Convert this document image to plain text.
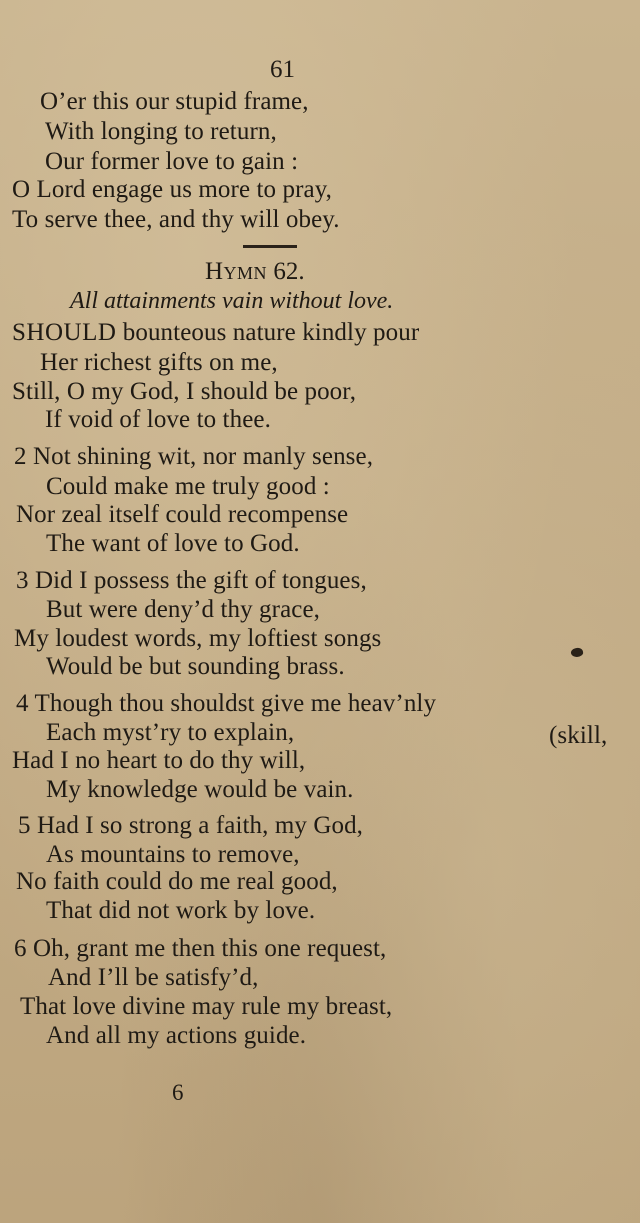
61
O’er this our stupid frame,
With longing to return,
Our former love to gain :
O Lord engage us more to pray,
To serve thee, and thy will obey.
Hymn 62.
All attainments vain without love.
SHOULD bounteous nature kindly pour
Her richest gifts on me,
Still, O my God, I should be poor,
If void of love to thee.
2 Not shining wit, nor manly sense,
Could make me truly good :
Nor zeal itself could recompense
The want of love to God.
3 Did I possess the gift of tongues,
But were deny’d thy grace,
My loudest words, my loftiest songs
Would be but sounding brass.
4 Though thou shouldst give me heav’nly
Each myst’ry to explain,	(skill,
Had I no heart to do thy will,
My knowledge would be vain.
5 Had I so strong a faith, my God,
As mountains to remove,
No faith could do me real good,
That did not work by love.
6 Oh, grant me then this one request,
And I’ll be satisfy’d,
That love divine may rule my breast,
And all my actions guide.
6
